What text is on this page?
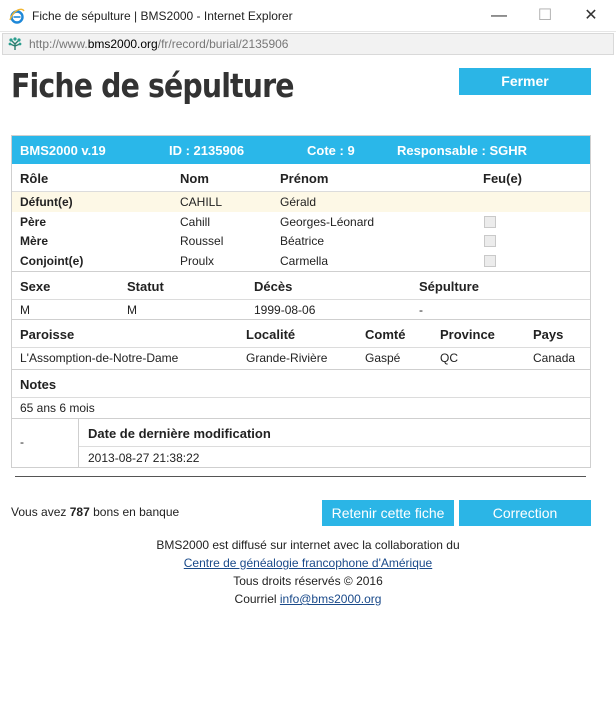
Fiche de sépulture | BMS2000 - Internet Explorer	—	☐	✕
http://www.bms2000.org/fr/record/burial/2135906
Fiche de sépulture	Fermer
BMS2000 v.19	ID : 2135906	Cote : 9	Responsable : SGHR
Rôle	Nom	Prénom	Feu(e)
Défunt(e)	CAHILL	Gérald
Père	Cahill	Georges-Léonard
Mère	Roussel	Béatrice
Conjoint(e)	Proulx	Carmella
Sexe	Statut	Décès	Sépulture
M	M	1999-08-06	-
Paroisse	Localité	Comté	Province	Pays
L'Assomption-de-Notre-Dame	Grande-Rivière	Gaspé	QC	Canada
Notes
65 ans 6 mois
-
Date de dernière modification
2013-08-27 21:38:22
Vous avez 787 bons en banque	Retenir cette fiche	Correction
BMS2000 est diffusé sur internet avec la collaboration du
Centre de généalogie francophone d'Amérique
Tous droits réservés © 2016
Courriel info@bms2000.org
